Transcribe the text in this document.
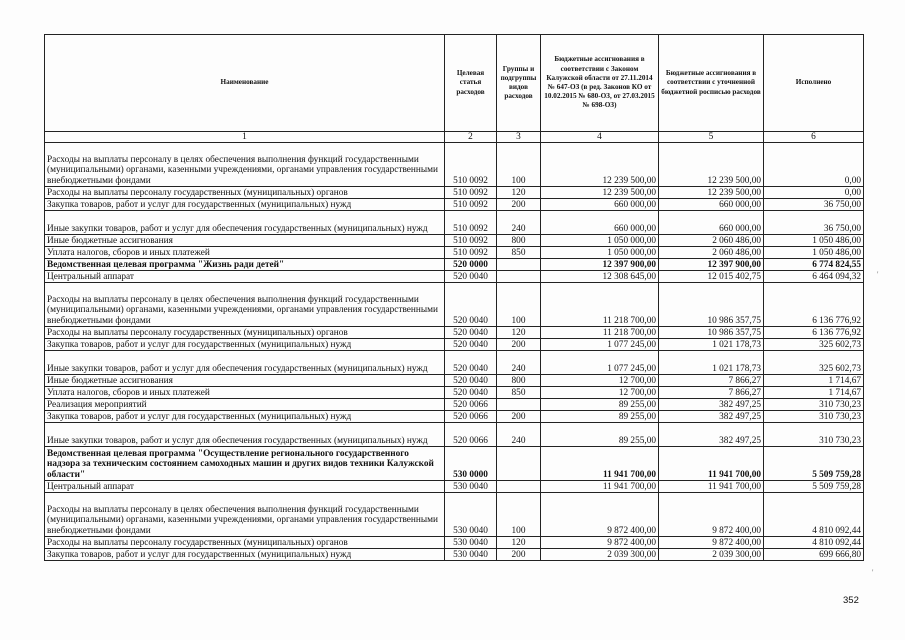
Наименование	Целевая статья расходов	Группы и подгруппы видов расходов	Бюджетные ассигнования в соответствии с Законом Калужской области от 27.11.2014 № 647-ОЗ (в ред. Законов КО от 10.02.2015 № 680-ОЗ, от 27.03.2015 № 698-ОЗ)	Бюджетные ассигнования в соответствии с уточненной бюджетной росписью расходов	Исполнено
1	2	3	4	5	6
Расходы на выплаты персоналу в целях обеспечения выполнения функций государственными (муниципальными) органами, казенными учреждениями, органами управления государственными внебюджетными фондами	510 0092	100	12 239 500,00	12 239 500,00	0,00
Расходы на выплаты персоналу государственных (муниципальных) органов	510 0092	120	12 239 500,00	12 239 500,00	0,00
Закупка товаров, работ и услуг для государственных (муниципальных) нужд	510 0092	200	660 000,00	660 000,00	36 750,00
Иные закупки товаров, работ и услуг для обеспечения государственных (муниципальных) нужд	510 0092	240	660 000,00	660 000,00	36 750,00
Иные бюджетные ассигнования	510 0092	800	1 050 000,00	2 060 486,00	1 050 486,00
Уплата налогов, сборов и иных платежей	510 0092	850	1 050 000,00	2 060 486,00	1 050 486,00
Ведомственная целевая программа "Жизнь ради детей"	520 0000		12 397 900,00	12 397 900,00	6 774 824,55
Центральный аппарат	520 0040		12 308 645,00	12 015 402,75	6 464 094,32
Расходы на выплаты персоналу в целях обеспечения выполнения функций государственными (муниципальными) органами, казенными учреждениями, органами управления государственными внебюджетными фондами	520 0040	100	11 218 700,00	10 986 357,75	6 136 776,92
Расходы на выплаты персоналу государственных (муниципальных) органов	520 0040	120	11 218 700,00	10 986 357,75	6 136 776,92
Закупка товаров, работ и услуг для государственных (муниципальных) нужд	520 0040	200	1 077 245,00	1 021 178,73	325 602,73
Иные закупки товаров, работ и услуг для обеспечения государственных (муниципальных) нужд	520 0040	240	1 077 245,00	1 021 178,73	325 602,73
Иные бюджетные ассигнования	520 0040	800	12 700,00	7 866,27	1 714,67
Уплата налогов, сборов и иных платежей	520 0040	850	12 700,00	7 866,27	1 714,67
Реализация мероприятий	520 0066		89 255,00	382 497,25	310 730,23
Закупка товаров, работ и услуг для государственных (муниципальных) нужд	520 0066	200	89 255,00	382 497,25	310 730,23
Иные закупки товаров, работ и услуг для обеспечения государственных (муниципальных) нужд	520 0066	240	89 255,00	382 497,25	310 730,23
Ведомственная целевая программа "Осуществление регионального государственного надзора за техническим состоянием самоходных машин и других видов техники Калужской области"	530 0000		11 941 700,00	11 941 700,00	5 509 759,28
Центральный аппарат	530 0040		11 941 700,00	11 941 700,00	5 509 759,28
Расходы на выплаты персоналу в целях обеспечения выполнения функций государственными (муниципальными) органами, казенными учреждениями, органами управления государственными внебюджетными фондами	530 0040	100	9 872 400,00	9 872 400,00	4 810 092,44
Расходы на выплаты персоналу государственных (муниципальных) органов	530 0040	120	9 872 400,00	9 872 400,00	4 810 092,44
Закупка товаров, работ и услуг для государственных (муниципальных) нужд	530 0040	200	2 039 300,00	2 039 300,00	699 666,80
352
'
'
